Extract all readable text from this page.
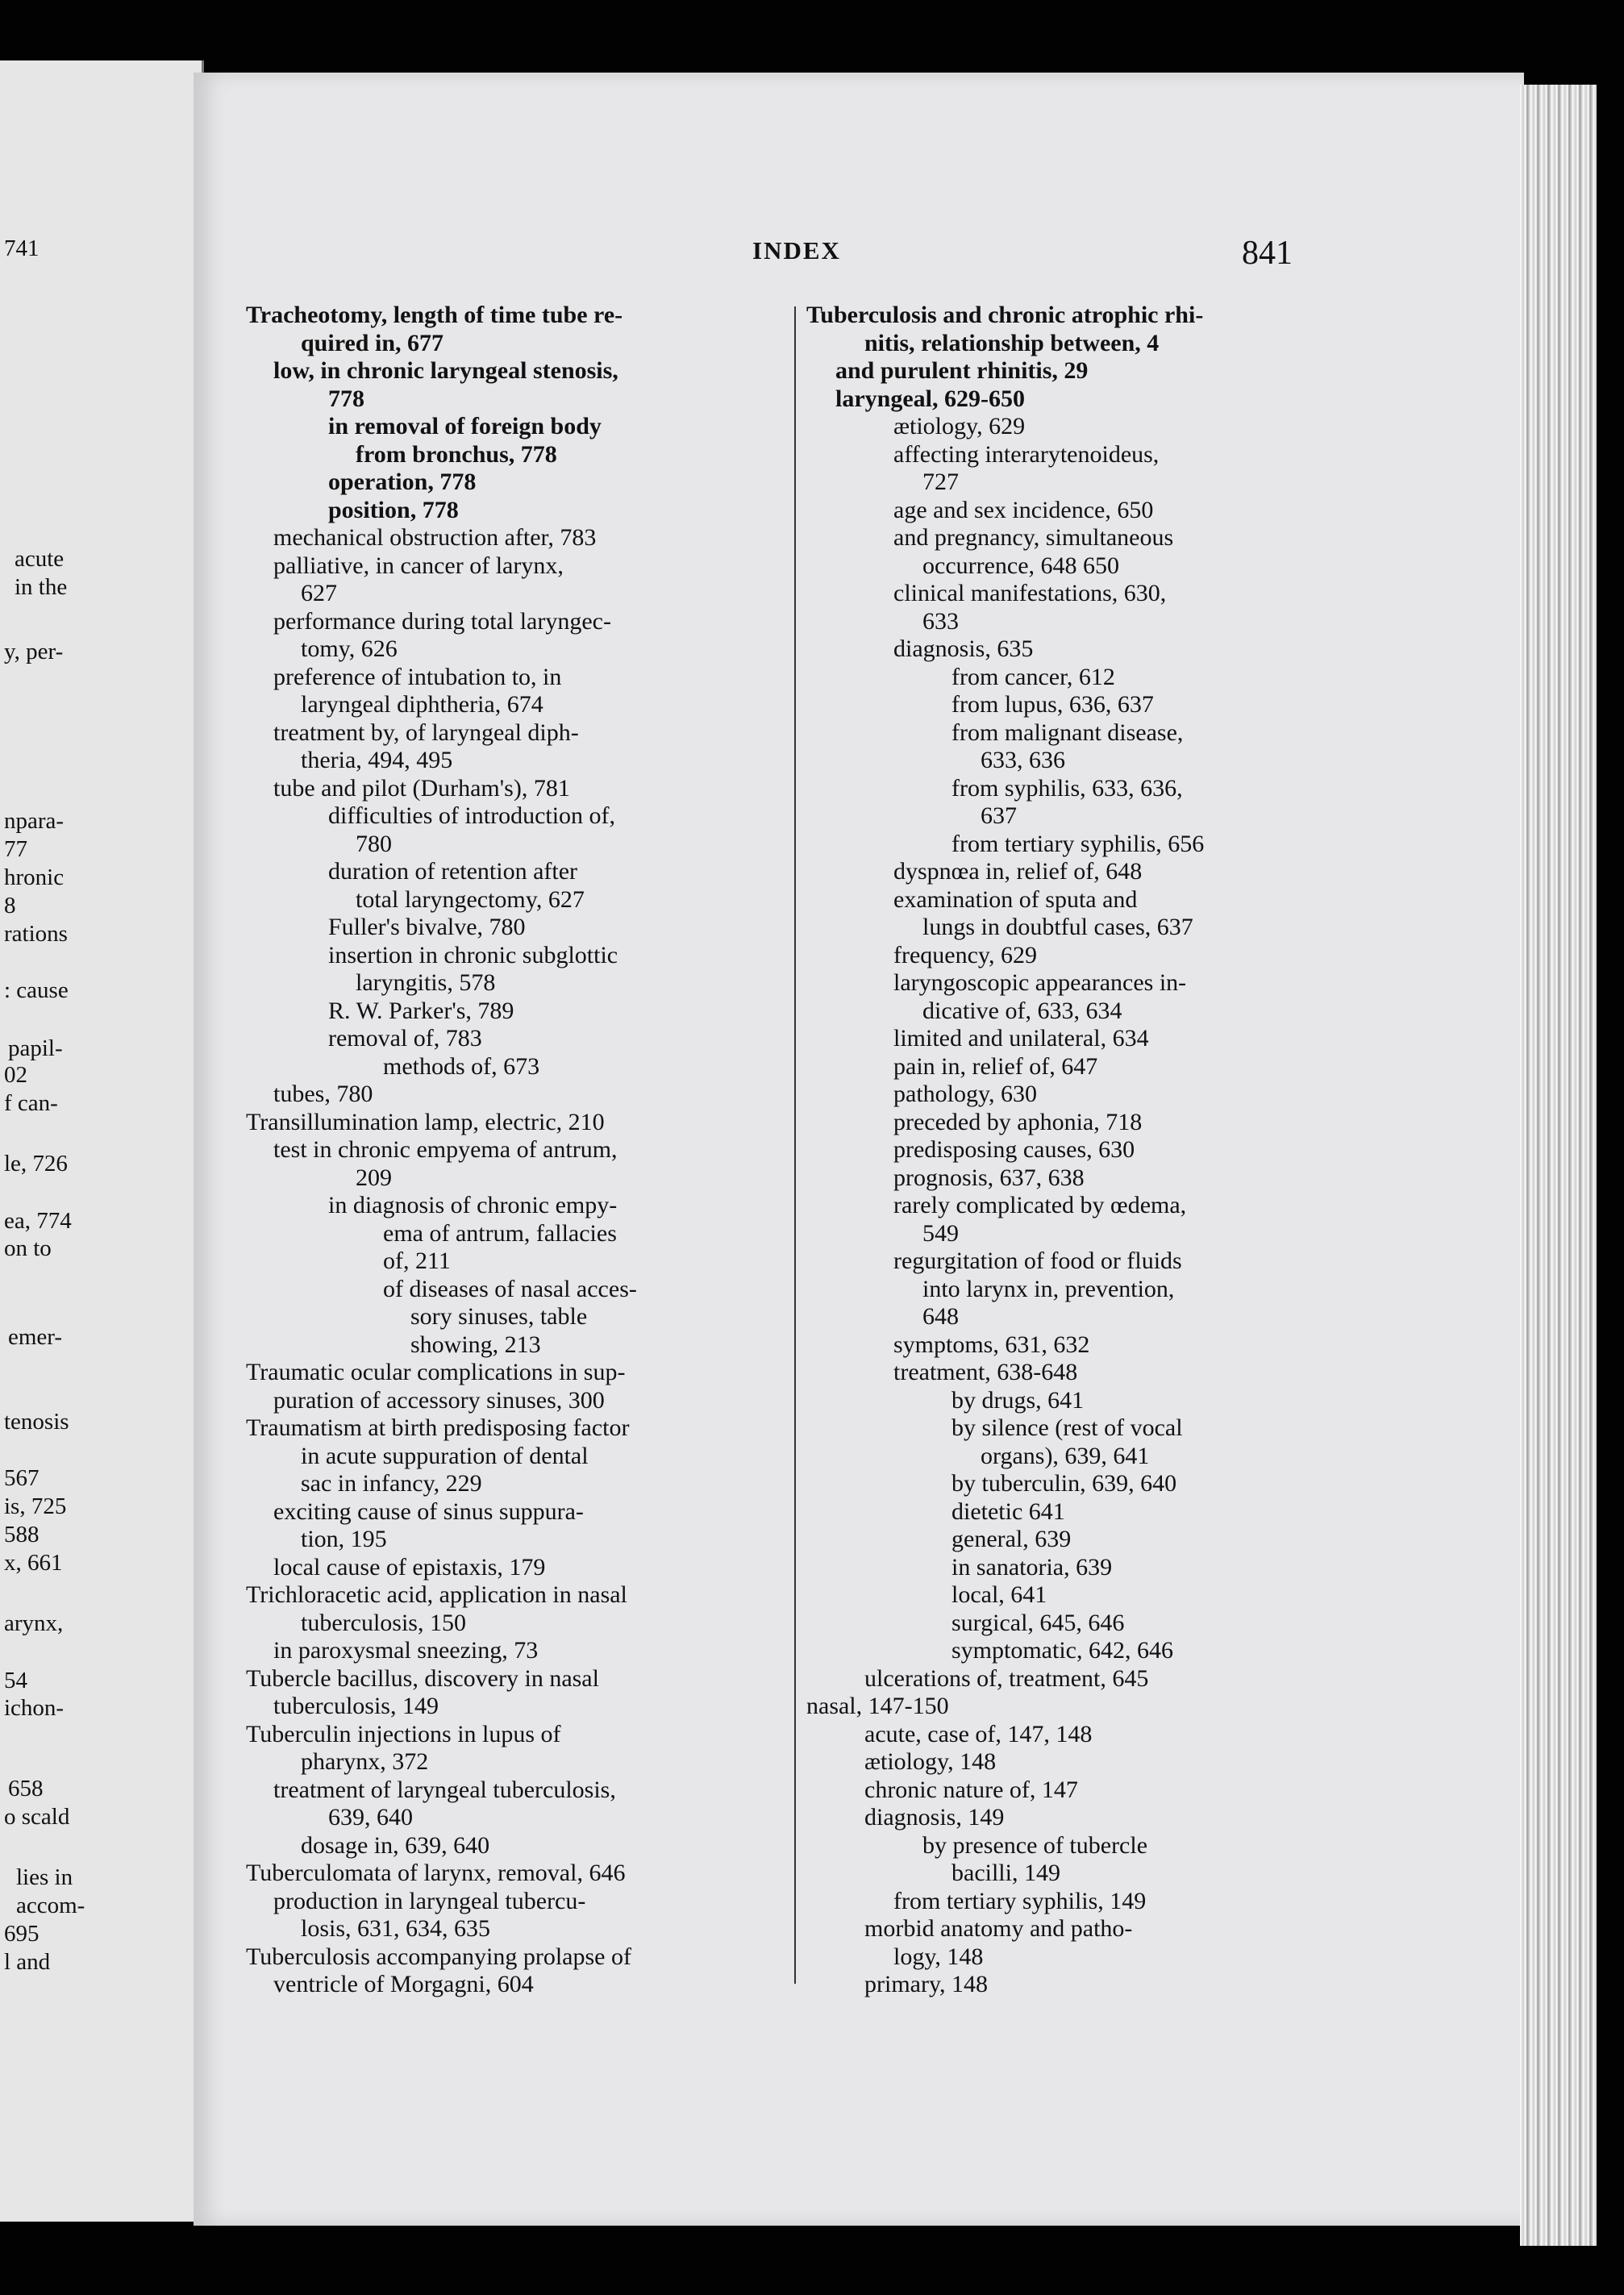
741
acute
in the
y, per-
npara-
77
hronic
8
rations
: cause
papil-
02
f can-
le, 726
ea, 774
on to
emer-
tenosis
567
is, 725
588
x, 661
arynx,
54
ichon-
658
o scald
lies in
accom-
695
l and
INDEX	841
Tracheotomy, length of time tube re-
quired in, 677
low, in chronic laryngeal stenosis,
778
in removal of foreign body
from bronchus, 778
operation, 778
position, 778
mechanical obstruction after, 783
palliative, in cancer of larynx,
627
performance during total laryngec-
tomy, 626
preference of intubation to, in
laryngeal diphtheria, 674
treatment by, of laryngeal diph-
theria, 494, 495
tube and pilot (Durham's), 781
difficulties of introduction of,
780
duration of retention after
total laryngectomy, 627
Fuller's bivalve, 780
insertion in chronic subglottic
laryngitis, 578
R. W. Parker's, 789
removal of, 783
methods of, 673
tubes, 780
Transillumination lamp, electric, 210
test in chronic empyema of antrum,
209
in diagnosis of chronic empy-
ema of antrum, fallacies
of, 211
of diseases of nasal acces-
sory sinuses, table
showing, 213
Traumatic ocular complications in sup-
puration of accessory sinuses, 300
Traumatism at birth predisposing factor
in acute suppuration of dental
sac in infancy, 229
exciting cause of sinus suppura-
tion, 195
local cause of epistaxis, 179
Trichloracetic acid, application in nasal
tuberculosis, 150
in paroxysmal sneezing, 73
Tubercle bacillus, discovery in nasal
tuberculosis, 149
Tuberculin injections in lupus of
pharynx, 372
treatment of laryngeal tuberculosis,
639, 640
dosage in, 639, 640
Tuberculomata of larynx, removal, 646
production in laryngeal tubercu-
losis, 631, 634, 635
Tuberculosis accompanying prolapse of
ventricle of Morgagni, 604
Tuberculosis and chronic atrophic rhi-
nitis, relationship between, 4
and purulent rhinitis, 29
laryngeal, 629-650
ætiology, 629
affecting interarytenoideus,
727
age and sex incidence, 650
and pregnancy, simultaneous
occurrence, 648 650
clinical manifestations, 630,
633
diagnosis, 635
from cancer, 612
from lupus, 636, 637
from malignant disease,
633, 636
from syphilis, 633, 636,
637
from tertiary syphilis, 656
dyspnœa in, relief of, 648
examination of sputa and
lungs in doubtful cases, 637
frequency, 629
laryngoscopic appearances in-
dicative of, 633, 634
limited and unilateral, 634
pain in, relief of, 647
pathology, 630
preceded by aphonia, 718
predisposing causes, 630
prognosis, 637, 638
rarely complicated by œdema,
549
regurgitation of food or fluids
into larynx in, prevention,
648
symptoms, 631, 632
treatment, 638-648
by drugs, 641
by silence (rest of vocal
organs), 639, 641
by tuberculin, 639, 640
dietetic 641
general, 639
in sanatoria, 639
local, 641
surgical, 645, 646
symptomatic, 642, 646
ulcerations of, treatment, 645
nasal, 147-150
acute, case of, 147, 148
ætiology, 148
chronic nature of, 147
diagnosis, 149
by presence of tubercle
bacilli, 149
from tertiary syphilis, 149
morbid anatomy and patho-
logy, 148
primary, 148
